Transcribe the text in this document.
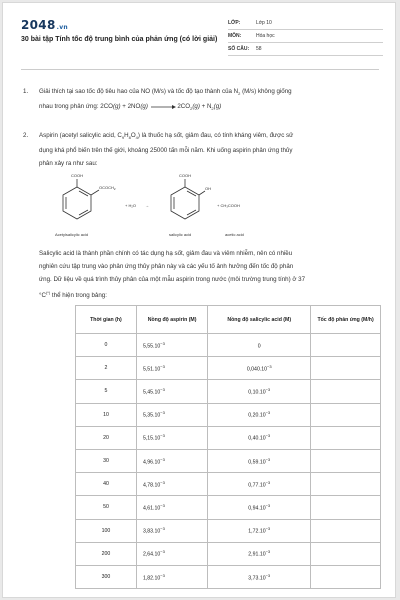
2048.vn
30 bài tập Tính tốc độ trung bình của phản ứng (có lời giải)
LỚP:	Lớp 10
MÔN:	Hóa học
SỐ CÂU:	58
1. Giải thích tại sao tốc độ tiêu hao của NO (M/s) và tốc độ tạo thành của $N_2$ (M/s) không giống
nhau trong phản ứng: 2CO(g) + 2NO(g)	$2CO_2(g) + N_2(g)$
2. Aspirin (acetyl salicylic acid, $C_9H_8O_4$) là thuốc hạ sốt, giảm đau, có tính kháng viêm, được sử
dụng khá phổ biến trên thế giới, khoảng 25000 tấn mỗi năm. Khi uống aspirin phản ứng thủy
phân xảy ra như sau:
COOH
$OCOCH_2$
+ H₂O →
COOH
OH
+ CH₃COOH
Acetylsalicylic acid	salicylic acid	acetic acid
Salicylic acid là thành phần chính có tác dụng hạ sốt, giảm đau và viêm nhiễm, nên có nhiều
nghiên cứu tập trung vào phản ứng thủy phân này và các yếu tố ảnh hưởng đến tốc độ phản
ứng. Dữ liệu về quá trình thủy phân của một mẫu aspirin trong nước (môi trường trung tính) ở 37
°C(*) thể hiện trong bảng:
Thời gian (h)	Nồng độ aspirin (M)	Nồng độ salicylic acid (M)	Tốc độ phản ứng (M/h)
0	$5,55.10^{-3}$	0	
2	$5,51.10^{-3}$	$0,040.10^{-3}$	
5	$5,45.10^{-3}$	$0,10.10^{-3}$	
10	$5,35.10^{-3}$	$0,20.10^{-3}$	
20	$5,15.10^{-3}$	$0,40.10^{-3}$	
30	$4,96.10^{-3}$	$0,59.10^{-3}$	
40	$4,78.10^{-3}$	$0,77.10^{-3}$	
50	$4,61.10^{-3}$	$0,94.10^{-3}$	
100	$3,83.10^{-3}$	$1,72.10^{-3}$	
200	$2,64.10^{-3}$	$2,91.10^{-3}$	
300	$1,82.10^{-3}$	$3,73.10^{-3}$	
